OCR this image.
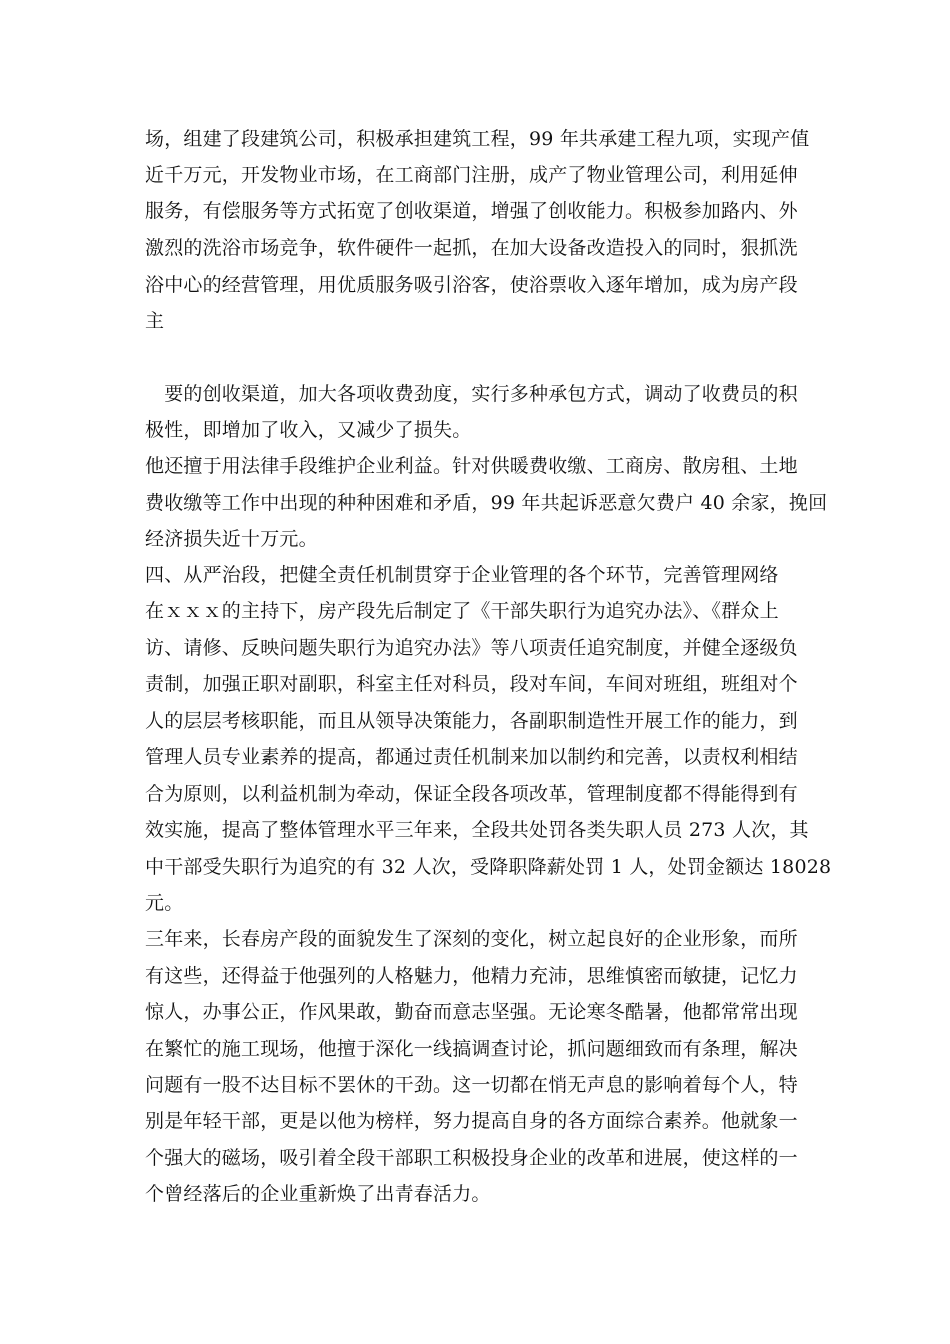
场，组建了段建筑公司，积极承担建筑工程，99 年共承建工程九项，实现产值
近千万元，开发物业市场，在工商部门注册，成产了物业管理公司，利用延伸
服务，有偿服务等方式拓宽了创收渠道，增强了创收能力。积极参加路内、外
激烈的洗浴市场竞争，软件硬件一起抓，在加大设备改造投入的同时，狠抓洗
浴中心的经营管理，用优质服务吸引浴客，使浴票收入逐年增加，成为房产段
主
　要的创收渠道，加大各项收费劲度，实行多种承包方式，调动了收费员的积
极性，即增加了收入，又减少了损失。
他还擅于用法律手段维护企业利益。针对供暖费收缴、工商房、散房租、土地
费收缴等工作中出现的种种困难和矛盾，99 年共起诉恶意欠费户 40 余家，挽回
经济损失近十万元。
四、从严治段，把健全责任机制贯穿于企业管理的各个环节，完善管理网络
在ｘｘｘ的主持下，房产段先后制定了《干部失职行为追究办法》、《群众上
访、请修、反映问题失职行为追究办法》等八项责任追究制度，并健全逐级负
责制，加强正职对副职，科室主任对科员，段对车间，车间对班组，班组对个
人的层层考核职能，而且从领导决策能力，各副职制造性开展工作的能力，到
管理人员专业素养的提高，都通过责任机制来加以制约和完善，以责权利相结
合为原则，以利益机制为牵动，保证全段各项改革，管理制度都不得能得到有
效实施，提高了整体管理水平三年来，全段共处罚各类失职人员 273 人次，其
中干部受失职行为追究的有 32 人次，受降职降薪处罚 1 人，处罚金额达 18028
元。
三年来，长春房产段的面貌发生了深刻的变化，树立起良好的企业形象，而所
有这些，还得益于他强列的人格魅力，他精力充沛，思维慎密而敏捷，记忆力
惊人，办事公正，作风果敢，勤奋而意志坚强。无论寒冬酷暑，他都常常出现
在繁忙的施工现场，他擅于深化一线搞调查讨论，抓问题细致而有条理，解决
问题有一股不达目标不罢休的干劲。这一切都在悄无声息的影响着每个人，特
别是年轻干部，更是以他为榜样，努力提高自身的各方面综合素养。他就象一
个强大的磁场，吸引着全段干部职工积极投身企业的改革和进展，使这样的一
个曾经落后的企业重新焕了出青春活力。
